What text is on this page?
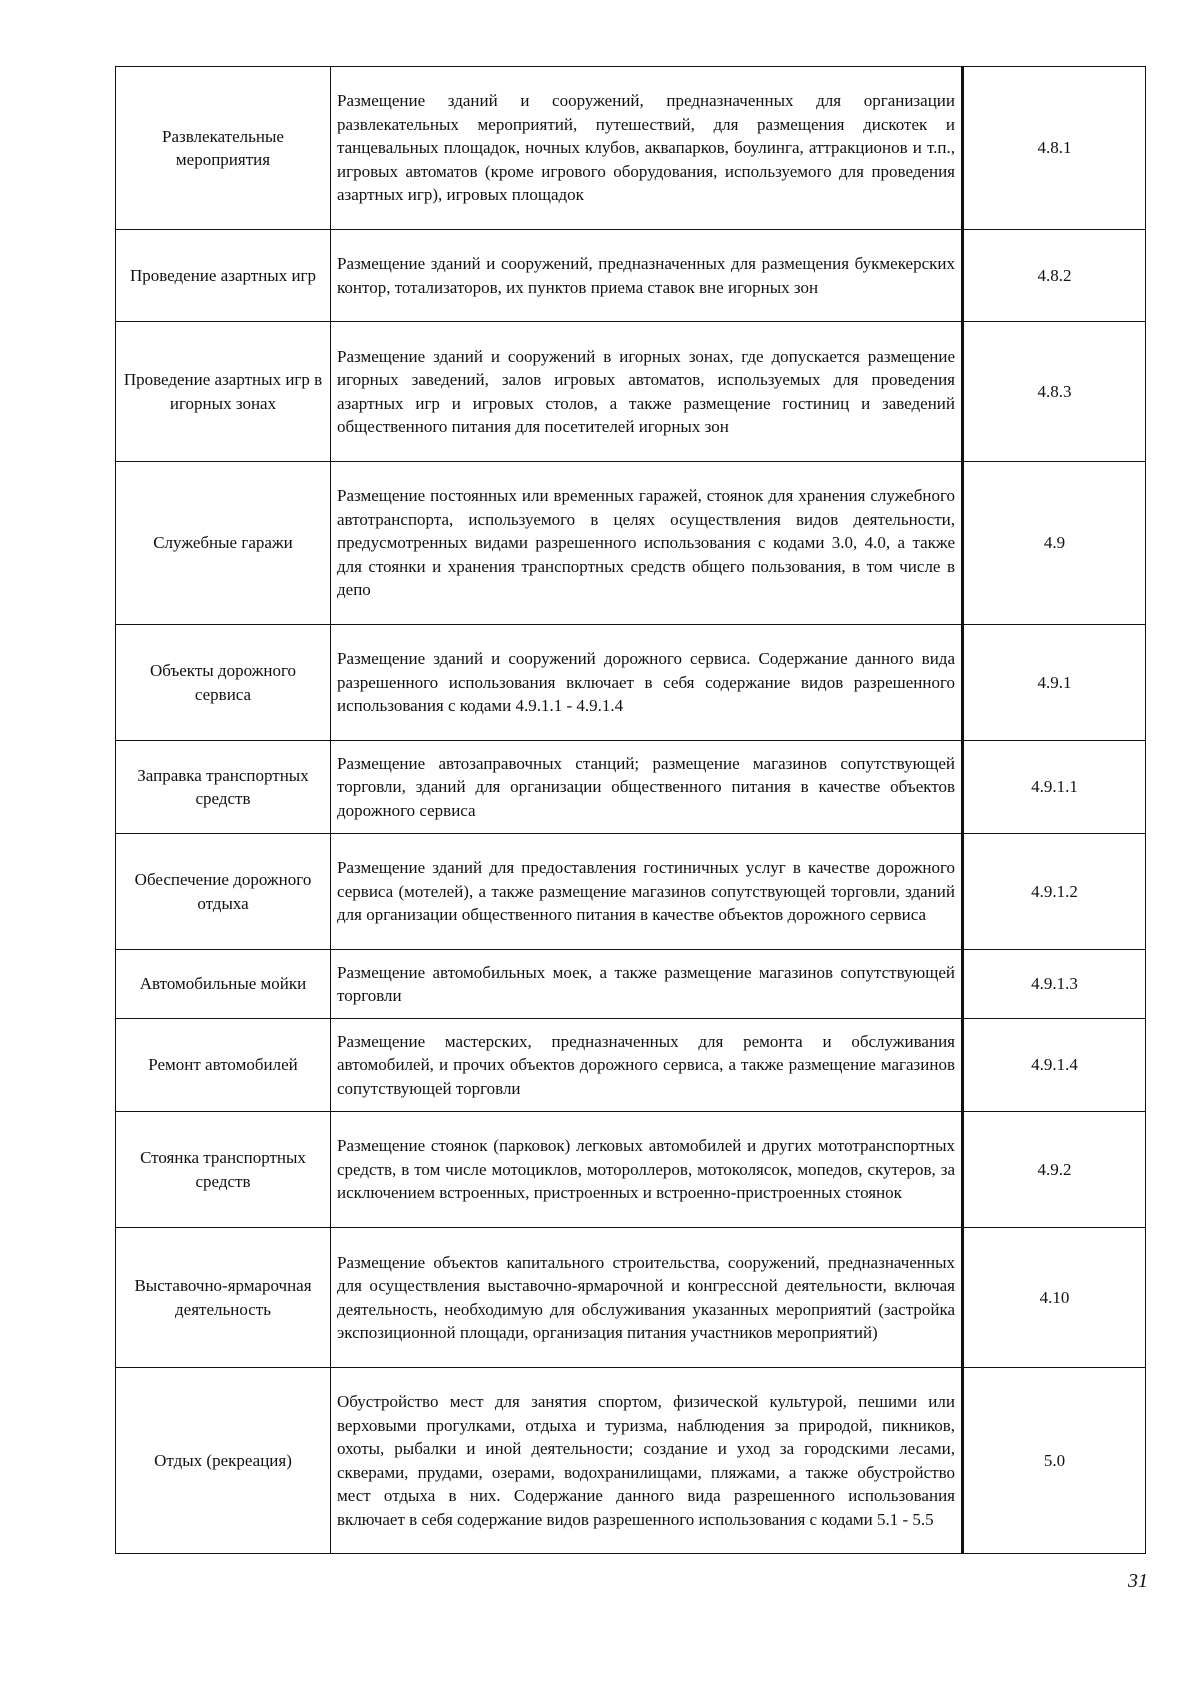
Развлекательные мероприятия	Размещение зданий и сооружений, предназначенных для организации развлекательных мероприятий, путешествий, для размещения дискотек и танцевальных площадок, ночных клубов, аквапарков, боулинга, аттракционов и т.п., игровых автоматов (кроме игрового оборудования, используемого для проведения азартных игр), игровых площадок	4.8.1
Проведение азартных игр	Размещение зданий и сооружений, предназначенных для размещения букмекерских контор, тотализаторов, их пунктов приема ставок вне игорных зон	4.8.2
Проведение азартных игр в игорных зонах	Размещение зданий и сооружений в игорных зонах, где допускается размещение игорных заведений, залов игровых автоматов, используемых для проведения азартных игр и игровых столов, а также размещение гостиниц и заведений общественного питания для посетителей игорных зон	4.8.3
Служебные гаражи	Размещение постоянных или временных гаражей, стоянок для хранения служебного автотранспорта, используемого в целях осуществления видов деятельности, предусмотренных видами разрешенного использования с кодами 3.0, 4.0, а также для стоянки и хранения транспортных средств общего пользования, в том числе в депо	4.9
Объекты дорожного сервиса	Размещение зданий и сооружений дорожного сервиса. Содержание данного вида разрешенного использования включает в себя содержание видов разрешенного использования с кодами 4.9.1.1 - 4.9.1.4	4.9.1
Заправка транспортных средств	Размещение автозаправочных станций; размещение магазинов сопутствующей торговли, зданий для организации общественного питания в качестве объектов дорожного сервиса	4.9.1.1
Обеспечение дорожного отдыха	Размещение зданий для предоставления гостиничных услуг в качестве дорожного сервиса (мотелей), а также размещение магазинов сопутствующей торговли, зданий для организации общественного питания в качестве объектов дорожного сервиса	4.9.1.2
Автомобильные мойки	Размещение автомобильных моек, а также размещение магазинов сопутствующей торговли	4.9.1.3
Ремонт автомобилей	Размещение мастерских, предназначенных для ремонта и обслуживания автомобилей, и прочих объектов дорожного сервиса, а также размещение магазинов сопутствующей торговли	4.9.1.4
Стоянка транспортных средств	Размещение стоянок (парковок) легковых автомобилей и других мототранспортных средств, в том числе мотоциклов, мотороллеров, мотоколясок, мопедов, скутеров, за исключением встроенных, пристроенных и встроенно-пристроенных стоянок	4.9.2
Выставочно-ярмарочная деятельность	Размещение объектов капитального строительства, сооружений, предназначенных для осуществления выставочно-ярмарочной и конгрессной деятельности, включая деятельность, необходимую для обслуживания указанных мероприятий (застройка экспозиционной площади, организация питания участников мероприятий)	4.10
Отдых (рекреация)	Обустройство мест для занятия спортом, физической культурой, пешими или верховыми прогулками, отдыха и туризма, наблюдения за природой, пикников, охоты, рыбалки и иной деятельности; создание и уход за городскими лесами, скверами, прудами, озерами, водохранилищами, пляжами, а также обустройство мест отдыха в них. Содержание данного вида разрешенного использования включает в себя содержание видов разрешенного использования с кодами 5.1 - 5.5	5.0
31
